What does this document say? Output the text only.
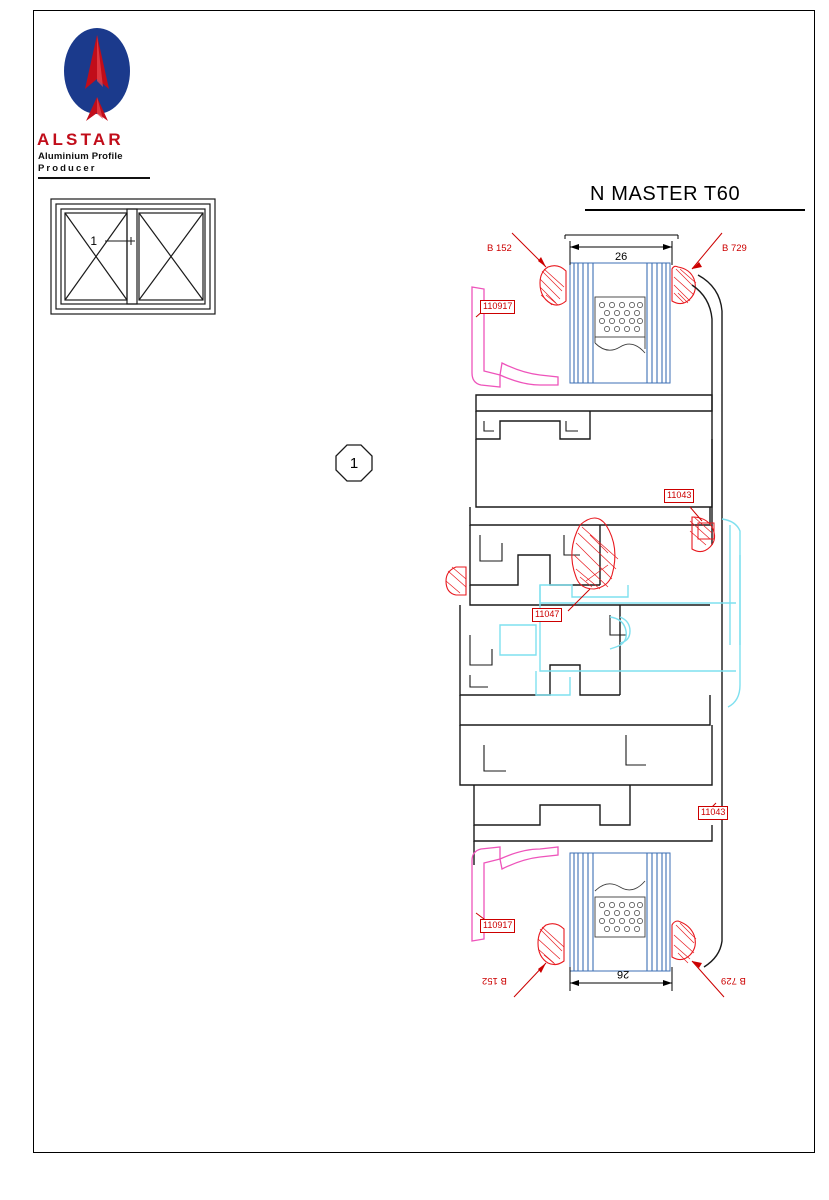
ALSTAR
Aluminium Profile
Producer
1
N MASTER T60
1
26
26
B 152	B 729
110917
11043
11047
11043
110917
B 152	B 729
